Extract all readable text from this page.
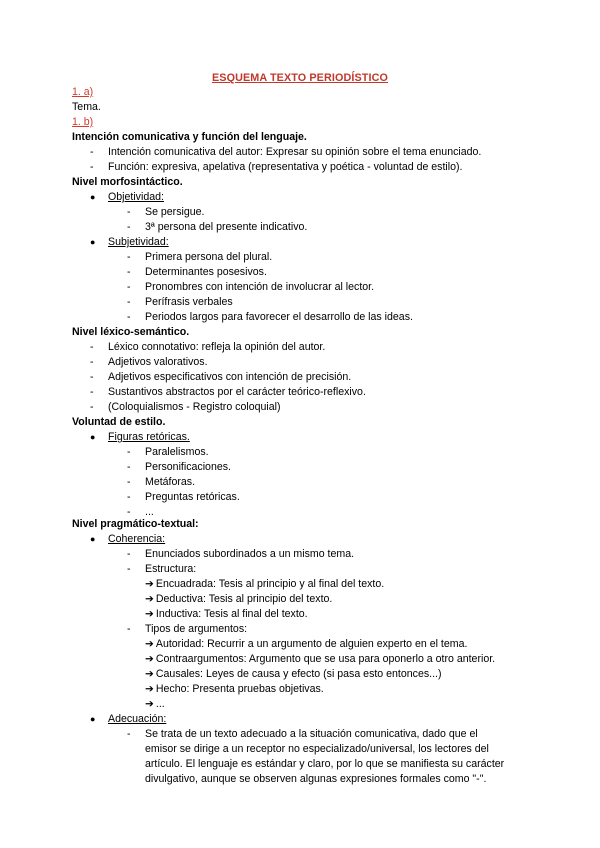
ESQUEMA TEXTO PERIODÍSTICO
1. a)
Tema.
1. b)
Intención comunicativa y función del lenguaje.
- Intención comunicativa del autor: Expresar su opinión sobre el tema enunciado.
- Función: expresiva, apelativa (representativa y poética - voluntad de estilo).
Nivel morfosintáctico.
● Objetividad:
- Se persigue.
- 3ª persona del presente indicativo.
● Subjetividad:
- Primera persona del plural.
- Determinantes posesivos.
- Pronombres con intención de involucrar al lector.
- Perífrasis verbales
- Periodos largos para favorecer el desarrollo de las ideas.
Nivel léxico-semántico.
- Léxico connotativo: refleja la opinión del autor.
- Adjetivos valorativos.
- Adjetivos especificativos con intención de precisión.
- Sustantivos abstractos por el carácter teórico-reflexivo.
- (Coloquialismos - Registro coloquial)
Voluntad de estilo.
● Figuras retóricas.
- Paralelismos.
- Personificaciones.
- Metáforas.
- Preguntas retóricas.
- ...
Nivel pragmático-textual:
● Coherencia:
- Enunciados subordinados a un mismo tema.
- Estructura:
➔ Encuadrada: Tesis al principio y al final del texto.
➔ Deductiva: Tesis al principio del texto.
➔ Inductiva: Tesis al final del texto.
- Tipos de argumentos:
➔ Autoridad: Recurrir a un argumento de alguien experto en el tema.
➔ Contraargumentos: Argumento que se usa para oponerlo a otro anterior.
➔ Causales: Leyes de causa y efecto (si pasa esto entonces...)
➔ Hecho: Presenta pruebas objetivas.
➔ ...
● Adecuación:
- Se trata de un texto adecuado a la situación comunicativa, dado que el
emisor se dirige a un receptor no especializado/universal, los lectores del
artículo. El lenguaje es estándar y claro, por lo que se manifiesta su carácter
divulgativo, aunque se observen algunas expresiones formales como "-".
